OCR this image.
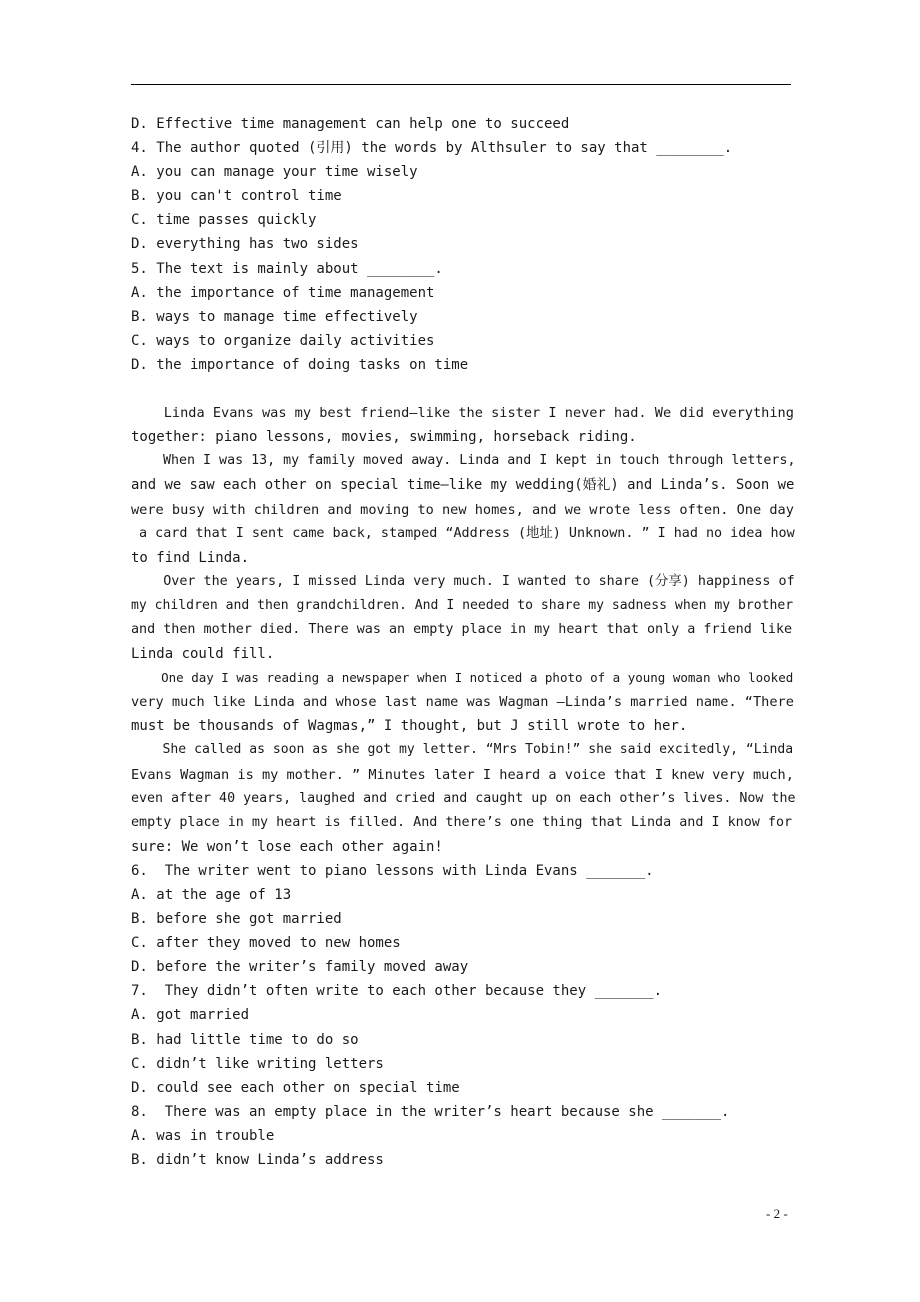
D. Effective time management can help one to succeed
4. The author quoted (引用) the words by Althsuler to say that ________.
A. you can manage your time wisely
B. you can't control time
C. time passes quickly
D. everything has two sides
5. The text is mainly about ________.
A. the importance of time management
B. ways to manage time effectively
C. ways to organize daily activities
D. the importance of doing tasks on time
Linda Evans was my best friend—like the sister I never had. We did everything
together: piano lessons, movies, swimming, horseback riding.
When I was 13, my family moved away. Linda and I kept in touch through letters,
and we saw each other on special time—like my wedding(婚礼) and Linda’s. Soon we
were busy with children and moving to new homes, and we wrote less often. One day
a card that I sent came back, stamped “Address (地址) Unknown. ” I had no idea how
to find Linda.
Over the years, I missed Linda very much. I wanted to share (分享) happiness of
my children and then grandchildren. And I needed to share my sadness when my brother
and then mother died. There was an empty place in my heart that only a friend like
Linda could fill.
One day I was reading a newspaper when I noticed a photo of a young woman who looked
very much like Linda and whose last name was Wagman —Linda’s married name. “There
must be thousands of Wagmas,” I thought, but J still wrote to her.
She called as soon as she got my letter. “Mrs Tobin!” she said excitedly, “Linda
Evans Wagman is my mother. ” Minutes later I heard a voice that I knew very much,
even after 40 years, laughed and cried and caught up on each other’s lives. Now the
empty place in my heart is filled. And there’s one thing that Linda and I know for
sure: We won’t lose each other again!
6.  The writer went to piano lessons with Linda Evans _______.
A. at the age of 13
B. before she got married
C. after they moved to new homes
D. before the writer’s family moved away
7.  They didn’t often write to each other because they _______.
A. got married
B. had little time to do so
C. didn’t like writing letters
D. could see each other on special time
8.  There was an empty place in the writer’s heart because she _______.
A. was in trouble
B. didn’t know Linda’s address
- 2 -
